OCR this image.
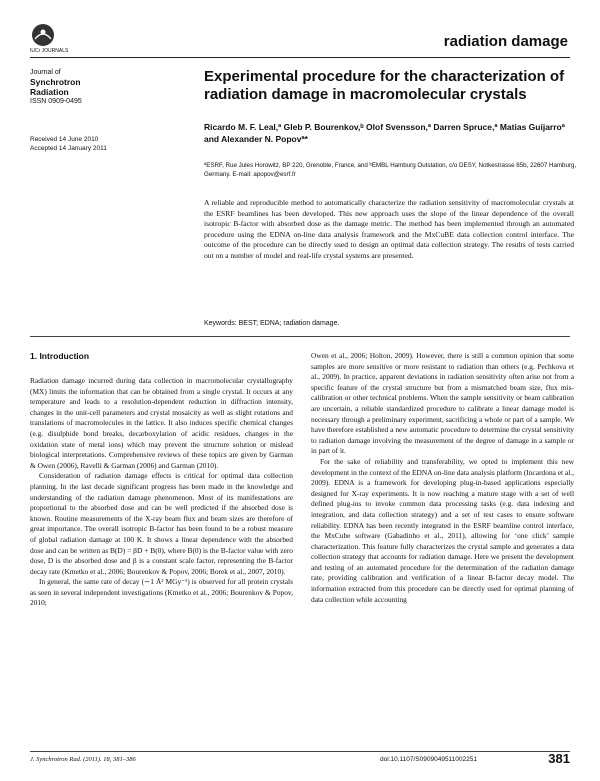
IUCr JOURNALS
radiation damage
Journal of
Synchrotron
Radiation
ISSN 0909-0495
Received 14 June 2010
Accepted 14 January 2011
Experimental procedure for the characterization of radiation damage in macromolecular crystals
Ricardo M. F. Leal,ª Gleb P. Bourenkov,ᵇ Olof Svensson,ª Darren Spruce,ª Matias Guijarroª and Alexander N. Popovª*
ªESRF, Rue Jules Horowitz, BP 220, Grenoble, France, and ᵇEMBL Hamburg Outstation, c/o DESY, Notkestrasse 85b, 22607 Hamburg, Germany. E-mail: apopov@esrf.fr
A reliable and reproducible method to automatically characterize the radiation sensitivity of macromolecular crystals at the ESRF beamlines has been developed. This new approach uses the slope of the linear dependence of the overall isotropic B-factor with absorbed dose as the damage metric. The method has been implemented through an automated procedure using the EDNA on-line data analysis framework and the MxCuBE data collection control interface. The outcome of the procedure can be directly used to design an optimal data collection strategy. The results of tests carried out on a number of model and real-life crystal systems are presented.
Keywords: BEST; EDNA; radiation damage.
1. Introduction

Radiation damage incurred during data collection in macromolecular crystallography (MX) limits the information that can be obtained from a single crystal. It occurs at any temperature and leads to a resolution-dependent reduction in diffraction intensity, changes in the unit-cell parameters and crystal mosaicity as well as slight rotations and translations of macromolecules in the lattice. It also induces specific chemical changes (e.g. disulphide bond breaks, decarboxylation of acidic residues, changes in the oxidation state of metal ions) which may prevent the structure solution or mislead biological interpretations. Comprehensive reviews of these topics are given by Garman & Owen (2006), Ravelli & Garman (2006) and Garman (2010).

Consideration of radiation damage effects is critical for optimal data collection planning. In the last decade significant progress has been made in the knowledge and understanding of the radiation damage phenomenon. Most of its manifestations are proportional to the absorbed dose and can be well predicted if the absorbed dose is known. Routine measurements of the X-ray beam flux and beam sizes are therefore of great importance. The overall isotropic B-factor has been found to be a robust measure of global radiation damage at 100 K. It shows a linear dependence with the absorbed dose and can be written as B(D) = βD + B(0), where B(0) is the B-factor value with zero dose, D is the absorbed dose and β is a constant scale factor, representing the B-factor decay rate (Kmetko et al., 2006; Bourenkov & Popov, 2006; Borek et al., 2007, 2010).

In general, the same rate of decay (∼1 Å² MGy⁻¹) is observed for all protein crystals as seen in several independent investigations (Kmetko et al., 2006; Bourenkov & Popov, 2010;

Owen et al., 2006; Holton, 2009). However, there is still a common opinion that some samples are more sensitive or more resistant to radiation than others (e.g. Pechkova et al., 2009). In practice, apparent deviations in radiation sensitivity often arise not from a specific feature of the crystal structure but from a mismatched beam size, flux mis-calibration or other technical problems. When the sample sensitivity or beam calibration are uncertain, a reliable standardized procedure to calibrate a linear damage model is necessary through a preliminary experiment, sacrificing a whole or part of a sample. We have therefore established a new automatic procedure to determine the crystal sensitivity to radiation damage involving the measurement of the degree of damage in a sample or in part of it.

For the sake of reliability and transferability, we opted to implement this new development in the context of the EDNA on-line data analysis platform (Incardona et al., 2009). EDNA is a framework for developing plug-in-based applications especially designed for X-ray experiments. It is now reaching a mature stage with a set of well defined plug-ins to invoke common data processing tasks (e.g. data indexing and integration, and data collection strategy) and a set of test cases to ensure software reliability. EDNA has been recently integrated in the ESRF beamline control interface, the MxCube software (Gabadinho et al., 2011), allowing for ‘one click’ sample characterization. This feature fully characterizes the crystal sample and generates a data collection strategy that accounts for radiation damage. Here we present the development and testing of an automated procedure for the determination of the radiation damage rate, providing calibration and verification of a linear B-factor decay model. The information extracted from this procedure can be directly used for optimal planning of data collection while accounting

J. Synchrotron Rad. (2011). 18, 381–386	doi:10.1107/S0909049511002251	381
